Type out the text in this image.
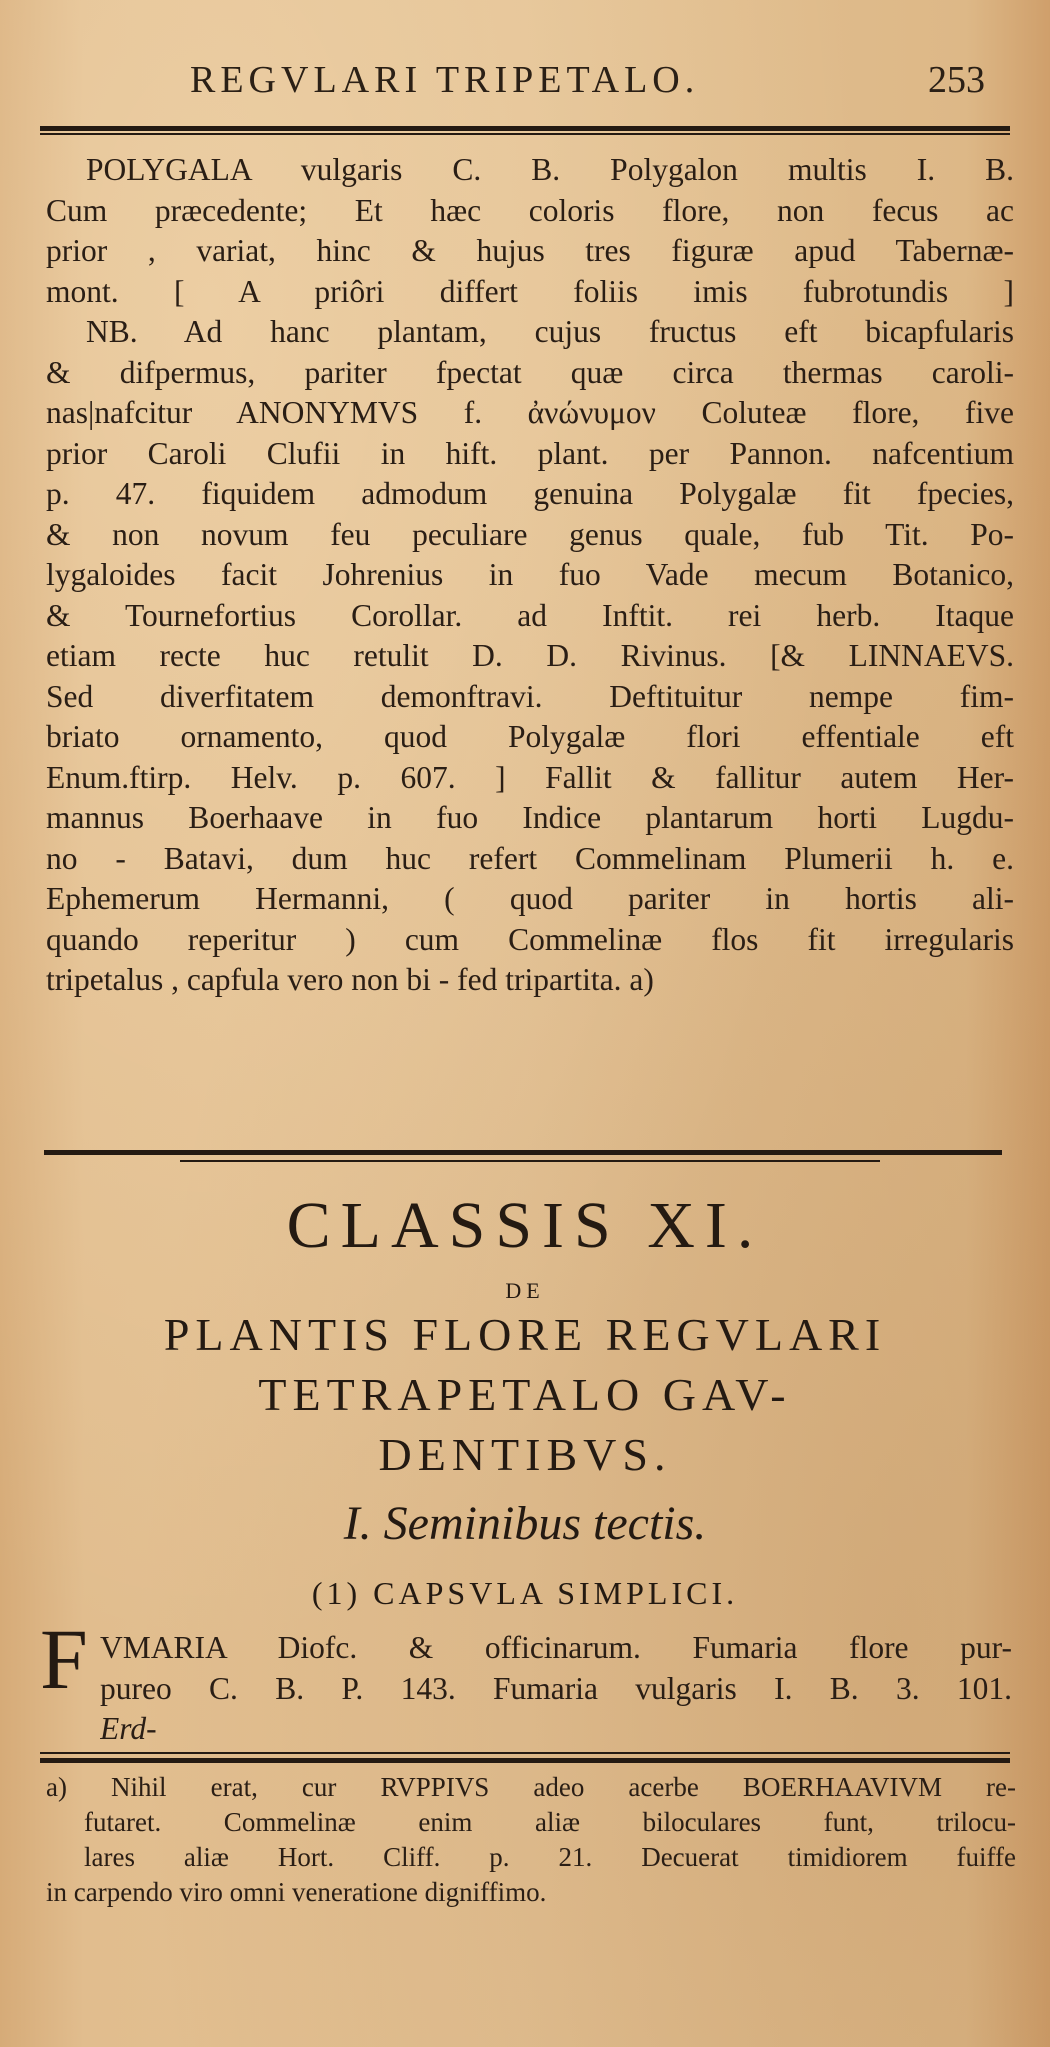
REGVLARI TRIPETALO.	253
POLYGALA vulgaris C. B. Polygalon multis I. B.
Cum præcedente; Et hæc coloris flore, non fecus ac
prior , variat, hinc & hujus tres figuræ apud Tabernæ-
mont. [ A priôri differt foliis imis fubrotundis ]
NB. Ad hanc plantam, cujus fructus eft bicapfularis
& difpermus, pariter fpectat quæ circa thermas caroli-
nas|nafcitur ANONYMVS f. ἀνώνυμον Coluteæ flore, five
prior Caroli Clufii in hift. plant. per Pannon. nafcentium
p. 47. fiquidem admodum genuina Polygalæ fit fpecies,
& non novum feu peculiare genus quale, fub Tit. Po-
lygaloides facit Johrenius in fuo Vade mecum Botanico,
& Tournefortius Corollar. ad Inftit. rei herb. Itaque
etiam recte huc retulit D. D. Rivinus. [& LINNAEVS.
Sed diverfitatem demonftravi. Deftituitur nempe fim-
briato ornamento, quod Polygalæ flori effentiale eft
Enum.ftirp. Helv. p. 607. ] Fallit & fallitur autem Her-
mannus Boerhaave in fuo Indice plantarum horti Lugdu-
no - Batavi, dum huc refert Commelinam Plumerii h. e.
Ephemerum Hermanni, ( quod pariter in hortis ali-
quando reperitur ) cum Commelinæ flos fit irregularis
tripetalus , capfula vero non bi - fed tripartita. a)
CLASSIS XI.
DE
PLANTIS FLORE REGVLARI
TETRAPETALO GAV-
DENTIBVS.
I. Seminibus tectis.
(1) CAPSVLA SIMPLICI.
F VMARIA Diofc. & officinarum. Fumaria flore pur-
pureo C. B. P. 143. Fumaria vulgaris I. B. 3. 101.
Erd-
a) Nihil erat, cur RVPPIVS adeo acerbe BOERHAAVIVM re-
futaret. Commelinæ enim aliæ biloculares funt, trilocu-
lares aliæ Hort. Cliff. p. 21. Decuerat timidiorem fuiffe
in carpendo viro omni veneratione digniffimo.
